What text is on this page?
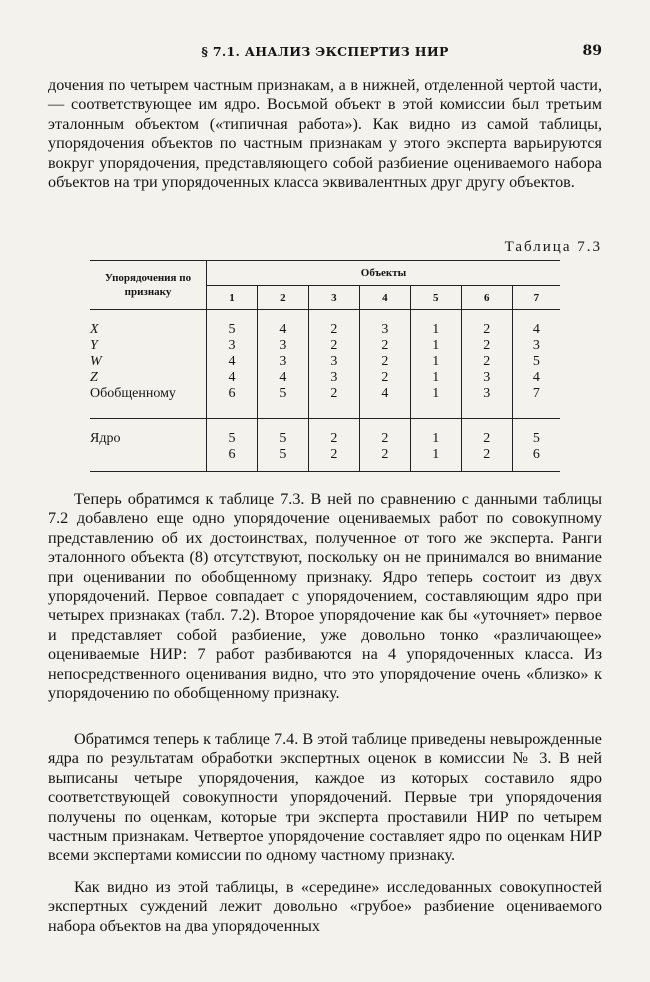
§ 7.1. АНАЛИЗ ЭКСПЕРТИЗ НИР	89

дочения по четырем частным признакам, а в нижней, отделенной чертой части,— соответствующее им ядро. Восьмой объект в этой комиссии был третьим эталонным объектом («типичная работа»). Как видно из самой таблицы, упорядочения объектов по частным признакам у этого эксперта варьируются вокруг упорядочения, представляющего собой разбиение оцениваемого набора объектов на три упорядоченных класса эквивалентных друг другу объектов.

Таблица 7.3
Упорядочения по признаку	Объекты						
	1	2	3	4	5	6	7

X	5	4	2	3	1	2	4
Y	3	3	2	2	1	2	3
W	4	3	3	2	1	2	5
Z	4	4	3	2	1	3	4
Обобщенному	6	5	2	4	1	3	7

Ядро	5	5	2	2	1	2	5
	6	5	2	2	1	2	6

Теперь обратимся к таблице 7.3. В ней по сравнению с данными таблицы 7.2 добавлено еще одно упорядочение оцениваемых работ по совокупному представлению об их достоинствах, полученное от того же эксперта. Ранги эталонного объекта (8) отсутствуют, поскольку он не принимался во внимание при оценивании по обобщенному признаку. Ядро теперь состоит из двух упорядочений. Первое совпадает с упорядочением, составляющим ядро при четырех признаках (табл. 7.2). Второе упорядочение как бы «уточняет» первое и представляет собой разбиение, уже довольно тонко «различающее» оцениваемые НИР: 7 работ разбиваются на 4 упорядоченных класса. Из непосредственного оценивания видно, что это упорядочение очень «близко» к упорядочению по обобщенному признаку.

Обратимся теперь к таблице 7.4. В этой таблице приведены невырожденные ядра по результатам обработки экспертных оценок в комиссии № 3. В ней выписаны четыре упорядочения, каждое из которых составило ядро соответствующей совокупности упорядочений. Первые три упорядочения получены по оценкам, которые три эксперта проставили НИР по четырем частным признакам. Четвертое упорядочение составляет ядро по оценкам НИР всеми экспертами комиссии по одному частному признаку.

Как видно из этой таблицы, в «середине» исследованных совокупностей экспертных суждений лежит довольно «грубое» разбиение оцениваемого набора объектов на два упорядоченных
